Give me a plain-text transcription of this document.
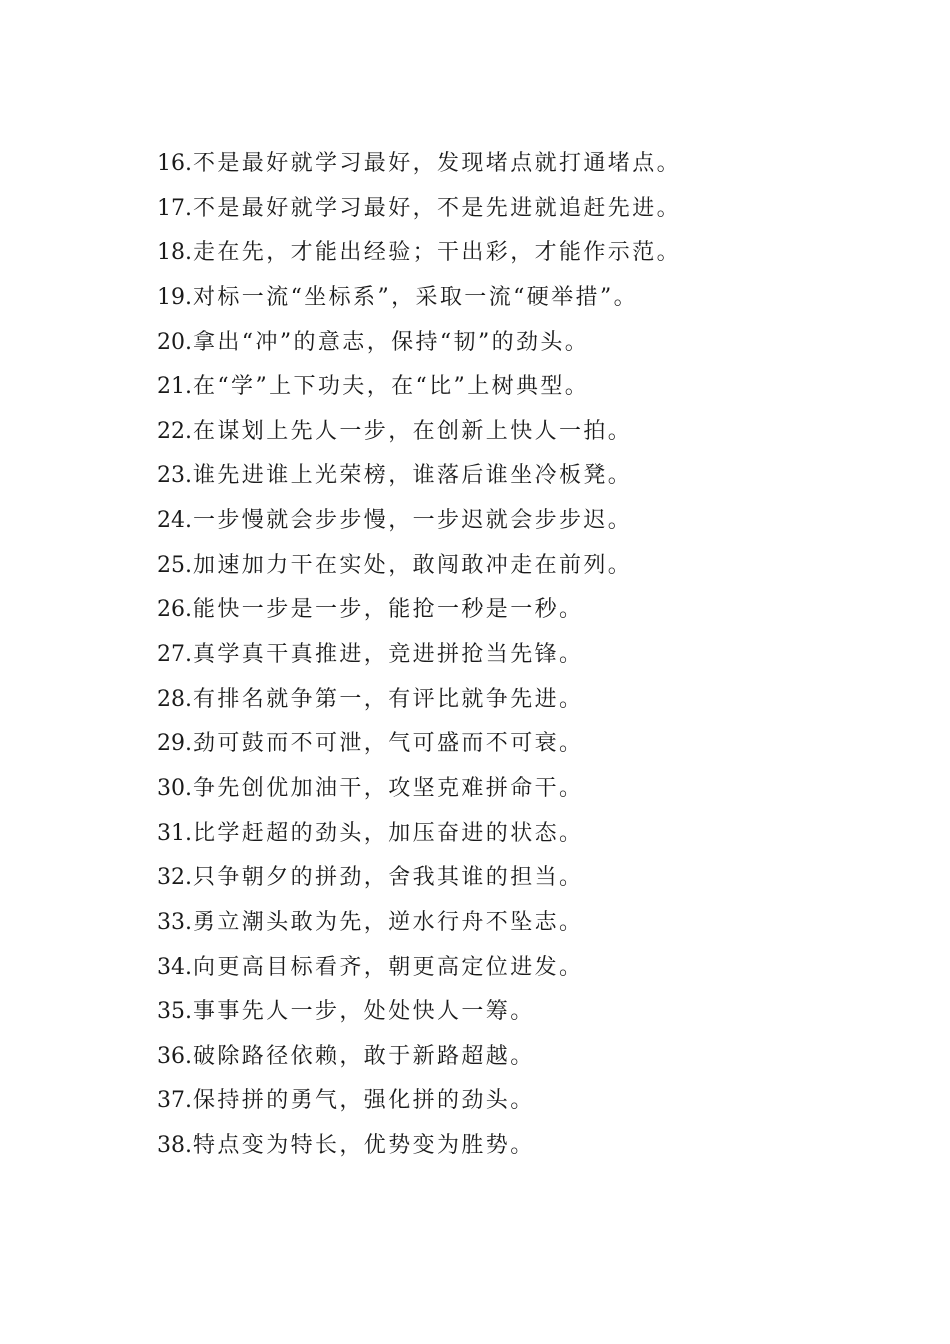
16.不是最好就学习最好，发现堵点就打通堵点。
17.不是最好就学习最好，不是先进就追赶先进。
18.走在先，才能出经验；干出彩，才能作示范。
19.对标一流“坐标系”，采取一流“硬举措”。
20.拿出“冲”的意志，保持“韧”的劲头。
21.在“学”上下功夫，在“比”上树典型。
22.在谋划上先人一步，在创新上快人一拍。
23.谁先进谁上光荣榜，谁落后谁坐冷板凳。
24.一步慢就会步步慢，一步迟就会步步迟。
25.加速加力干在实处，敢闯敢冲走在前列。
26.能快一步是一步，能抢一秒是一秒。
27.真学真干真推进，竞进拼抢当先锋。
28.有排名就争第一，有评比就争先进。
29.劲可鼓而不可泄，气可盛而不可衰。
30.争先创优加油干，攻坚克难拼命干。
31.比学赶超的劲头，加压奋进的状态。
32.只争朝夕的拼劲，舍我其谁的担当。
33.勇立潮头敢为先，逆水行舟不坠志。
34.向更高目标看齐，朝更高定位进发。
35.事事先人一步，处处快人一筹。
36.破除路径依赖，敢于新路超越。
37.保持拼的勇气，强化拼的劲头。
38.特点变为特长，优势变为胜势。
